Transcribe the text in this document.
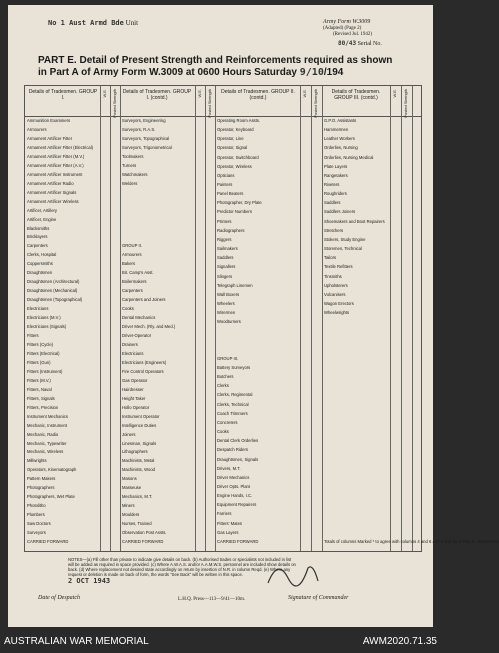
No 1 Aust Armd Bde Unit	Army Form W.3009
(Adapted) (Page 2)
(Revised Jul. 1942)
80/43 Serial No.
PART E. Detail of Present Strength and Reinforcements required as shown in Part A of Army Form W.3009 at 0600 Hours Saturday 9/10/194
Details of Tradesmen. GROUP I.
Details of Tradesmen. GROUP I. (contd.)
Details of Tradesmen. GROUP II. (contd.)
Details of Tradesmen. GROUP III. (contd.)
W.E. Posted Strength	W.E. Posted Strength	W.E. Posted Strength	W.E. Posted Strength
Ammunition Examiners
Armourers
Armament Artificer Fitter
Armament Artificer Fitter (Electrical)
Armament Artificer Fitter (M.V.)
Armament Artificer Fitter (A.V.)
Armament Artificer Instrument
Armament Artificer Radio
Armament Artificer Signals
Armament Artificer Wireless
Artificer, Artillery
Artificer, Engine
Blacksmiths
Bricklayers
Carpenters
Clerks, Hospital
Coppersmiths
Draughtsmen
Draughtsmen (Architectural)
Draughtsmen (Mechanical)
Draughtsmen (Topographical)
Electricians
Electricians (M.V.)
Electricians (Signals)
Fitters
Fitters (Cycle)
Fitters (Electrical)
Fitters (Gun)
Fitters (Instrument)
Fitters (M.V.)
Fitters, Naval
Fitters, Signals
Fitters, Precision
Instrument Mechanics
Mechanic, Instrument
Mechanic, Radio
Mechanic, Typewriter
Mechanic, Wireless
Millwrights
Operators, Kinematograph
Pattern Makers
Photographers
Photographers, Wet Plate
Photolitho
Plumbers
Saw Doctors
Surveyors
CARRIED FORWARD
Surveyors, Engineering
Surveyors, R.A.S.
Surveyors, Topographical
Surveyors, Trigonometrical
Toolmakers
Turners
Watchmakers
Welders
GROUP II.
Armourers
Bakers
Bit. Camp's Asst.
Boilermakers
Carpenters
Carpenters and Joiners
Cooks
Dental Mechanics
Driver Mech. (Rly. and Med.)
Driver-Operator
Drainers
Electricians
Electricians (Engineers)
Fire Control Operators
Gas Operator
Hairdresser
Height Taker
Hollo Operator
Instrument Operator
Intelligence Duties
Joiners
Linesman, Signals
Lithographers
Machinists, Metal
Machinists, Wood
Masons
Masseuse
Mechanics, M.T.
Miners
Moulders
Nurses, Trained
Observation Post Assts.
CARRIED FORWARD
Operating Room Assts.
Operator, Keyboard
Operator, Line
Operator, Signal
Operator, Switchboard
Operator, Wireless
Opticians
Painters
Panel Beaters
Photographer, Dry Plate
Predictor Numbers
Printers
Radiographers
Riggers
Sailmakers
Saddlers
Signallers
Slingers
Telegraph Linemen
Wall Boxers
Wheelers
Wirermen
Woodturners
GROUP III.
Battery Surveyors
Butchers
Clerks
Clerks, Regimental
Clerks, Technical
Coach Trimmers
Concreters
Cooks
Dental Clerk Orderlies
Despatch Riders
Draughtsmen, Signals
Drivers, M.T.
Driver Mechanics
Driver Opts. Plant
Engine Hands, I.C.
Equipment Repairers
Farriers
Fitters' Mates
Gas Layers
CARRIED FORWARD
G.P.O. Assistants
Hammermen
Leather Workers
Orderlies, Nursing
Orderlies, Nursing Medical
Plate Layers
Rangetakers
Riveters
Roughriders
Saddlers
Saddlers Joiners
Shoemakers and Boot Repairers
Stretchers
Stokers, Study Engine
Storemen, Technical
Tailors
Textile Refitters
Tinsmiths
Upholsterers
Vulcanisers
Wagon Erectors
Wheelwrights
Totals of columns Marked * to agree with columns 4 and 6 and 1 and 10 of Part A, respectively.
NOTES—(a) Fill other than private to indicate give details on back. (b) Authorised trades or specialists not included in list will be added as required in space provided. (c) Where A.W.A.S. and/or A.A.M.W.S. personnel are included show details on back. (d) Where replacement not desired state accordingly on return by insertion of N.R. in column Reqd. (e) Where any request or deletion is made on back of form, the words "See Back" will be written in this space.
2 OCT 1943
Date of Despatch	L.H.Q. Press—113—9/41—10m.	Signature of Commander
AUSTRALIAN WAR MEMORIAL	AWM2020.71.35
